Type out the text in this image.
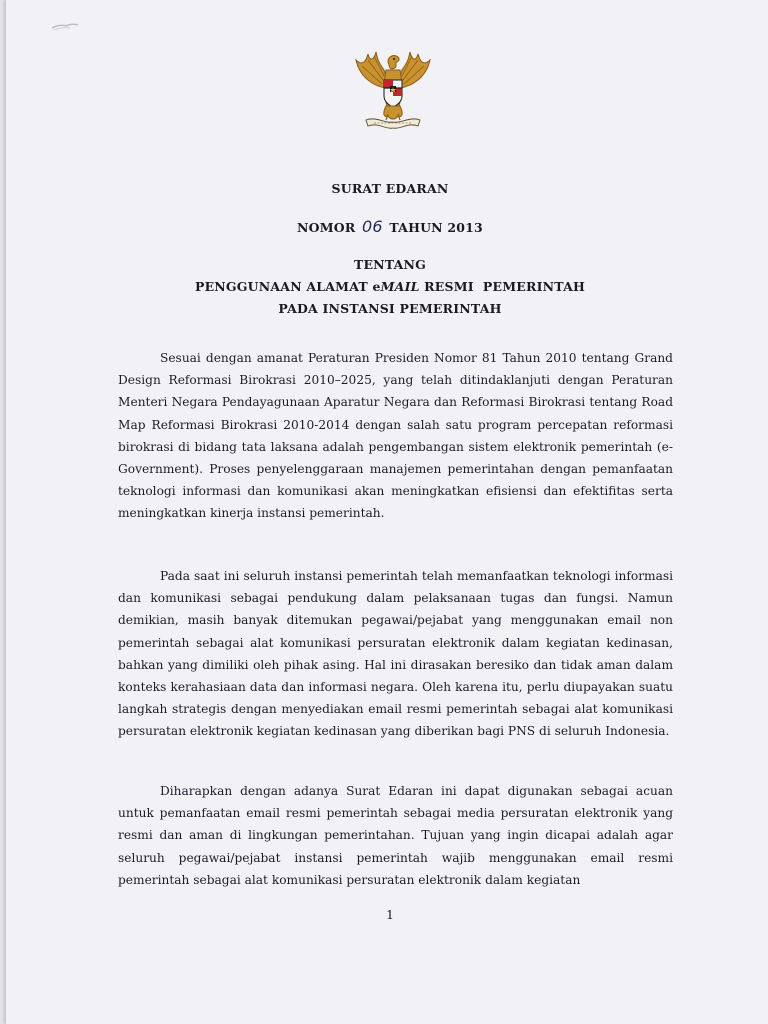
SURAT EDARAN
NOMOR 06 TAHUN 2013
TENTANG
PENGGUNAAN ALAMAT eMAIL RESMI  PEMERINTAH
PADA INSTANSI PEMERINTAH

Sesuai dengan amanat Peraturan Presiden Nomor 81 Tahun 2010 tentang Grand Design Reformasi Birokrasi 2010–2025, yang telah ditindaklanjuti dengan Peraturan Menteri Negara Pendayagunaan Aparatur Negara dan Reformasi Birokrasi tentang Road Map Reformasi Birokrasi 2010-2014 dengan salah satu program percepatan reformasi birokrasi di bidang tata laksana adalah pengembangan sistem elektronik pemerintah (e-Government). Proses penyelenggaraan manajemen pemerintahan dengan pemanfaatan teknologi informasi dan komunikasi akan meningkatkan efisiensi dan efektifitas serta meningkatkan kinerja instansi pemerintah.

Pada saat ini seluruh instansi pemerintah telah memanfaatkan teknologi informasi dan komunikasi sebagai pendukung dalam pelaksanaan tugas dan fungsi. Namun demikian, masih banyak ditemukan pegawai/pejabat yang menggunakan email non pemerintah sebagai alat komunikasi persuratan elektronik dalam kegiatan kedinasan, bahkan yang dimiliki oleh pihak asing. Hal ini dirasakan beresiko dan tidak aman dalam konteks kerahasiaan data dan informasi negara. Oleh karena itu, perlu diupayakan suatu langkah strategis dengan menyediakan email resmi pemerintah sebagai alat komunikasi persuratan elektronik kegiatan kedinasan yang diberikan bagi PNS di seluruh Indonesia.

Diharapkan dengan adanya Surat Edaran ini dapat digunakan sebagai acuan untuk pemanfaatan email resmi pemerintah sebagai media persuratan elektronik yang resmi dan aman di lingkungan pemerintahan. Tujuan yang ingin dicapai adalah agar seluruh pegawai/pejabat instansi pemerintah wajib menggunakan email resmi pemerintah sebagai alat komunikasi persuratan elektronik dalam kegiatan

1
